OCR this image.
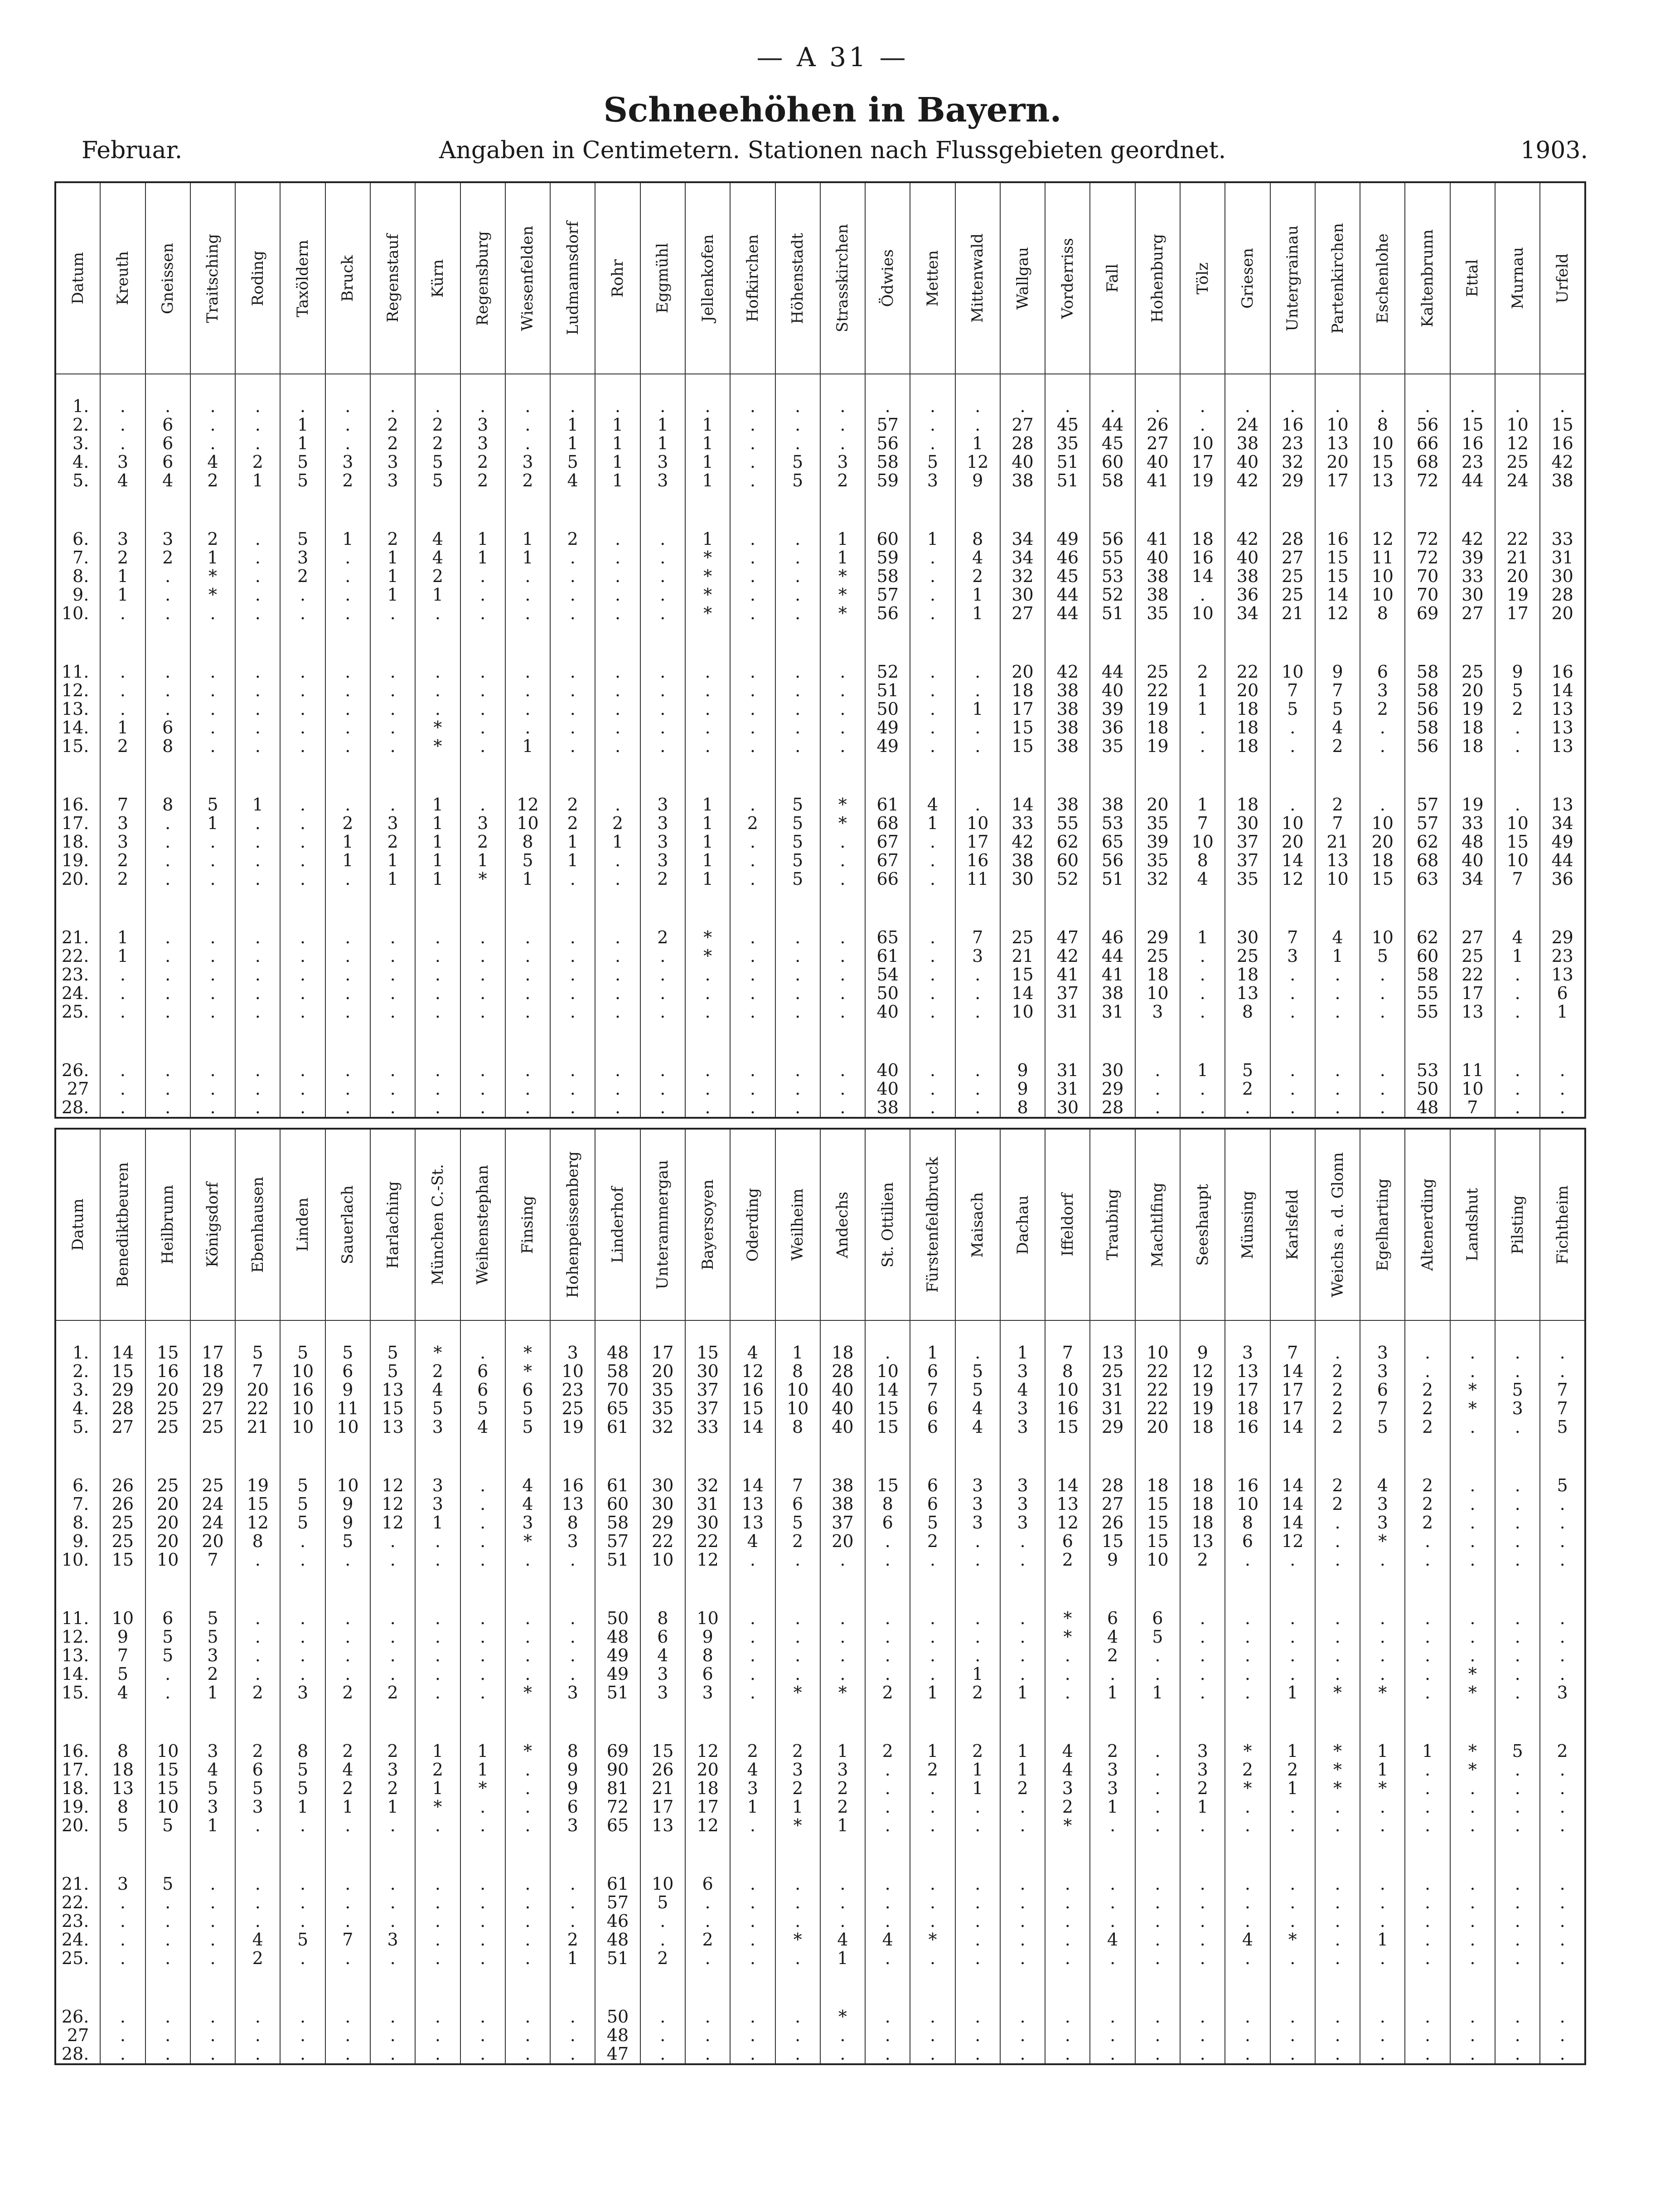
— A 31 —
Schneehöhen in Bayern.
Angaben in Centimetern. Stationen nach Flussgebieten geordnet.
Februar.	1903.
Datum	Kreuth	Gneissen	Traitsching	Roding	Taxöldern	Bruck	Regenstauf	Kürn	Regensburg	Wiesenfelden	Ludmannsdorf	Rohr	Eggmühl	Jellenkofen	Hofkirchen	Höhenstadt	Strasskirchen	Ödwies	Metten	Mittenwald	Wallgau	Vorderriss	Fall	Hohenburg	Tölz	Griesen	Untergrainau	Partenkirchen	Eschenlohe	Kaltenbrunn	Ettal	Murnau	Urfeld

1.	.	.	.	.	.	.	.	.	.	.	.	.	.	.	.	.	.	.	.	.	.	.	.	.	.	.	.	.	.	.	.	.	.
2.	.	6	.	.	1	.	2	2	3	.	1	1	1	1	.	.	.	57	.	.	27	45	44	26	.	24	16	10	8	56	15	10	15
3.	.	6	.	.	1	.	2	2	3	.	1	1	1	1	.	.	.	56	.	1	28	35	45	27	10	38	23	13	10	66	16	12	16
4.	3	6	4	2	5	3	3	5	2	3	5	1	3	1	.	5	3	58	5	12	40	51	60	40	17	40	32	20	15	68	23	25	42
5.	4	4	2	1	5	2	3	5	2	2	4	1	3	1	.	5	2	59	3	9	38	51	58	41	19	42	29	17	13	72	44	24	38

6.	3	3	2	.	5	1	2	4	1	1	2	.	.	1	.	.	1	60	1	8	34	49	56	41	18	42	28	16	12	72	42	22	33
7.	2	2	1	.	3	.	1	4	1	1	.	.	.	*	.	.	1	59	.	4	34	46	55	40	16	40	27	15	11	72	39	21	31
8.	1	.	*	.	2	.	1	2	.	.	.	.	.	*	.	.	*	58	.	2	32	45	53	38	14	38	25	15	10	70	33	20	30
9.	1	.	*	.	.	.	1	1	.	.	.	.	.	*	.	.	*	57	.	1	30	44	52	38	.	36	25	14	10	70	30	19	28
10.	.	.	.	.	.	.	.	.	.	.	.	.	.	*	.	.	*	56	.	1	27	44	51	35	10	34	21	12	8	69	27	17	20

11.	.	.	.	.	.	.	.	.	.	.	.	.	.	.	.	.	.	52	.	.	20	42	44	25	2	22	10	9	6	58	25	9	16
12.	.	.	.	.	.	.	.	.	.	.	.	.	.	.	.	.	.	51	.	.	18	38	40	22	1	20	7	7	3	58	20	5	14
13.	.	.	.	.	.	.	.	.	.	.	.	.	.	.	.	.	.	50	.	1	17	38	39	19	1	18	5	5	2	56	19	2	13
14.	1	6	.	.	.	.	.	*	.	.	.	.	.	.	.	.	.	49	.	.	15	38	36	18	.	18	.	4	.	58	18	.	13
15.	2	8	.	.	.	.	.	*	.	1	.	.	.	.	.	.	.	49	.	.	15	38	35	19	.	18	.	2	.	56	18	.	13

16.	7	8	5	1	.	.	.	1	.	12	2	.	3	1	.	5	*	61	4	.	14	38	38	20	1	18	.	2	.	57	19	.	13
17.	3	.	1	.	.	2	3	1	3	10	2	2	3	1	2	5	*	68	1	10	33	55	53	35	7	30	10	7	10	57	33	10	34
18.	3	.	.	.	.	1	2	1	2	8	1	1	3	1	.	5	.	67	.	17	42	62	65	39	10	37	20	21	20	62	48	15	49
19.	2	.	.	.	.	1	1	1	1	5	1	.	3	1	.	5	.	67	.	16	38	60	56	35	8	37	14	13	18	68	40	10	44
20.	2	.	.	.	.	.	1	1	*	1	.	.	2	1	.	5	.	66	.	11	30	52	51	32	4	35	12	10	15	63	34	7	36

21.	1	.	.	.	.	.	.	.	.	.	.	.	2	*	.	.	.	65	.	7	25	47	46	29	1	30	7	4	10	62	27	4	29
22.	1	.	.	.	.	.	.	.	.	.	.	.	.	*	.	.	.	61	.	3	21	42	44	25	.	25	3	1	5	60	25	1	23
23.	.	.	.	.	.	.	.	.	.	.	.	.	.	.	.	.	.	54	.	.	15	41	41	18	.	18	.	.	.	58	22	.	13
24.	.	.	.	.	.	.	.	.	.	.	.	.	.	.	.	.	.	50	.	.	14	37	38	10	.	13	.	.	.	55	17	.	6
25.	.	.	.	.	.	.	.	.	.	.	.	.	.	.	.	.	.	40	.	.	10	31	31	3	.	8	.	.	.	55	13	.	1

26.	.	.	.	.	.	.	.	.	.	.	.	.	.	.	.	.	.	40	.	.	9	31	30	.	1	5	.	.	.	53	11	.	.
27	.	.	.	.	.	.	.	.	.	.	.	.	.	.	.	.	.	40	.	.	9	31	29	.	.	2	.	.	.	50	10	.	.
28.	.	.	.	.	.	.	.	.	.	.	.	.	.	.	.	.	.	38	.	.	8	30	28	.	.	.	.	.	.	48	7	.	.
Datum	Benediktbeuren	Heilbrunn	Königsdorf	Ebenhausen	Linden	Sauerlach	Harlaching	München C.-St.	Weihenstephan	Finsing	Hohenpeissenberg	Linderhof	Unterammergau	Bayersoyen	Oderding	Weilheim	Andechs	St. Ottilien	Fürstenfeldbruck	Maisach	Dachau	Iffeldorf	Traubing	Machtlfing	Seeshaupt	Münsing	Karlsfeld	Weichs a. d. Glonn	Egelharting	Altenerding	Landshut	Pilsting	Fichtheim

1.	14	15	17	5	5	5	5	*	.	*	3	48	17	15	4	1	18	.	1	.	1	7	13	10	9	3	7	.	3	.	.	.	.
2.	15	16	18	7	10	6	5	2	6	*	10	58	20	30	12	8	28	10	6	5	3	8	25	22	12	13	14	2	3	.	.	.	.
3.	29	20	29	20	16	9	13	4	6	6	23	70	35	37	16	10	40	14	7	5	4	10	31	22	19	17	17	2	6	2	*	5	7
4.	28	25	27	22	10	11	15	5	5	5	25	65	35	37	15	10	40	15	6	4	3	16	31	22	19	18	17	2	7	2	*	3	7
5.	27	25	25	21	10	10	13	3	4	5	19	61	32	33	14	8	40	15	6	4	3	15	29	20	18	16	14	2	5	2	.	.	5

6.	26	25	25	19	5	10	12	3	.	4	16	61	30	32	14	7	38	15	6	3	3	14	28	18	18	16	14	2	4	2	.	.	5
7.	26	20	24	15	5	9	12	3	.	4	13	60	30	31	13	6	38	8	6	3	3	13	27	15	18	10	14	2	3	2	.	.	.
8.	25	20	24	12	5	9	12	1	.	3	8	58	29	30	13	5	37	6	5	3	3	12	26	15	18	8	14	.	3	2	.	.	.
9.	25	20	20	8	.	5	.	.	.	*	3	57	22	22	4	2	20	.	2	.	.	6	15	15	13	6	12	.	*	.	.	.	.
10.	15	10	7	.	.	.	.	.	.	.	.	51	10	12	.	.	.	.	.	.	.	2	9	10	2	.	.	.	.	.	.	.	.

11.	10	6	5	.	.	.	.	.	.	.	.	50	8	10	.	.	.	.	.	.	.	*	6	6	.	.	.	.	.	.	.	.	.
12.	9	5	5	.	.	.	.	.	.	.	.	48	6	9	.	.	.	.	.	.	.	*	4	5	.	.	.	.	.	.	.	.	.
13.	7	5	3	.	.	.	.	.	.	.	.	49	4	8	.	.	.	.	.	.	.	.	2	.	.	.	.	.	.	.	.	.	.
14.	5	.	2	.	.	.	.	.	.	.	.	49	3	6	.	.	.	.	.	1	.	.	.	.	.	.	.	.	.	.	*	.	.
15.	4	.	1	2	3	2	2	.	.	*	3	51	3	3	.	*	*	2	1	2	1	.	1	1	.	.	1	*	*	.	*	.	3

16.	8	10	3	2	8	2	2	1	1	*	8	69	15	12	2	2	1	2	1	2	1	4	2	.	3	*	1	*	1	1	*	5	2
17.	18	15	4	6	5	4	3	2	1	.	9	90	26	20	4	3	3	.	2	1	1	4	3	.	3	2	2	*	1	.	*	.	.
18.	13	15	5	5	5	2	2	1	*	.	9	81	21	18	3	2	2	.	.	1	2	3	3	.	2	*	1	*	*	.	.	.	.
19.	8	10	3	3	1	1	1	*	.	.	6	72	17	17	1	1	2	.	.	.	.	2	1	.	1	.	.	.	.	.	.	.	.
20.	5	5	1	.	.	.	.	.	.	.	3	65	13	12	.	*	1	.	.	.	.	*	.	.	.	.	.	.	.	.	.	.	.

21.	3	5	.	.	.	.	.	.	.	.	.	61	10	6	.	.	.	.	.	.	.	.	.	.	.	.	.	.	.	.	.	.	.
22.	.	.	.	.	.	.	.	.	.	.	.	57	5	.	.	.	.	.	.	.	.	.	.	.	.	.	.	.	.	.	.	.	.
23.	.	.	.	.	.	.	.	.	.	.	.	46	.	.	.	.	.	.	.	.	.	.	.	.	.	.	.	.	.	.	.	.	.
24.	.	.	.	4	5	7	3	.	.	.	2	48	.	2	.	*	4	4	*	.	.	.	4	.	.	4	*	.	1	.	.	.	.
25.	.	.	.	2	.	.	.	.	.	.	1	51	2	.	.	.	1	.	.	.	.	.	.	.	.	.	.	.	.	.	.	.	.

26.	.	.	.	.	.	.	.	.	.	.	.	50	.	.	.	.	*	.	.	.	.	.	.	.	.	.	.	.	.	.	.	.	.
27	.	.	.	.	.	.	.	.	.	.	.	48	.	.	.	.	.	.	.	.	.	.	.	.	.	.	.	.	.	.	.	.	.
28.	.	.	.	.	.	.	.	.	.	.	.	47	.	.	.	.	.	.	.	.	.	.	.	.	.	.	.	.	.	.	.	.	.
